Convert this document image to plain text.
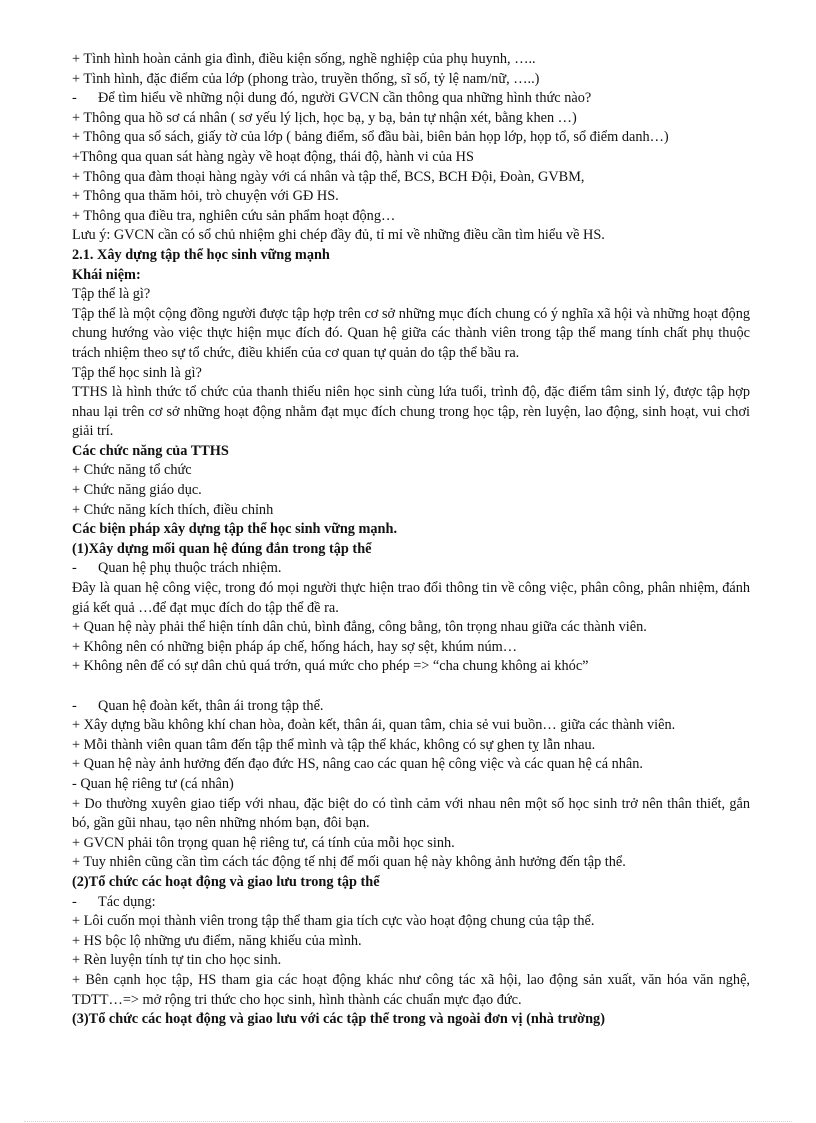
+ Tình hình hoàn cảnh gia đình, điều kiện sống, nghề nghiệp của phụ huynh, …..

+ Tình hình, đặc điểm của lớp (phong trào, truyền thống, sĩ số, tỷ lệ nam/nữ, …..)

- Để tìm hiểu về những nội dung đó, người GVCN cần thông qua những hình thức nào?

+ Thông qua hồ sơ cá nhân ( sơ yếu lý lịch, học bạ, y bạ, bản tự nhận xét, bằng khen …)

+ Thông qua sổ sách, giấy tờ của lớp ( bảng điểm, sổ đầu bài, biên bản họp lớp, họp tổ, sổ điểm danh…)

+Thông qua quan sát hàng ngày về hoạt động, thái độ, hành vi của HS

+ Thông qua đàm thoại hàng ngày với cá nhân và tập thể, BCS, BCH Đội, Đoàn, GVBM,

+ Thông qua thăm hỏi, trò chuyện với GĐ HS.

+ Thông qua điều tra, nghiên cứu sản phẩm hoạt động…

Lưu ý: GVCN cần có sổ chủ nhiệm ghi chép đầy đủ, tỉ mỉ về những điều cần tìm hiểu về HS.

2.1. Xây dựng tập thể học sinh vững mạnh

Khái niệm:

Tập thể là gì?

Tập thể là một cộng đồng người được tập hợp trên cơ sở những mục đích chung có ý nghĩa xã hội và những hoạt động chung hướng vào việc thực hiện mục đích đó. Quan hệ giữa các thành viên trong tập thể mang tính chất phụ thuộc trách nhiệm theo sự tổ chức, điều khiển của cơ quan tự quản do tập thể bầu ra.

Tập thể học sinh là gì?

TTHS là hình thức tổ chức của thanh thiếu niên học sinh cùng lứa tuổi, trình độ, đặc điểm tâm sinh lý, được tập hợp nhau lại trên cơ sở những hoạt động nhằm đạt mục đích chung trong học tập, rèn luyện, lao động, sinh hoạt, vui chơi giải trí.

Các chức năng của TTHS

+ Chức năng tổ chức

+ Chức năng giáo dục.

+ Chức năng kích thích, điều chỉnh

Các biện pháp xây dựng tập thể học sinh vững mạnh.

(1)Xây dựng mối quan hệ đúng đắn trong tập thể

- Quan hệ phụ thuộc trách nhiệm.

Đây là quan hệ công việc, trong đó mọi người thực hiện trao đổi thông tin về công việc, phân công, phân nhiệm, đánh giá kết quả …để đạt mục đích do tập thể đề ra.

+ Quan hệ này phải thể hiện tính dân chủ, bình đẳng, công bằng, tôn trọng nhau giữa các thành viên.

+ Không nên có những biện pháp áp chế, hống hách, hay sợ sệt, khúm núm…

+ Không nên để có sự dân chủ quá trớn, quá mức cho phép => “cha chung không ai khóc”

- Quan hệ đoàn kết, thân ái trong tập thể.

+ Xây dựng bầu không khí chan hòa, đoàn kết, thân ái, quan tâm, chia sẻ vui buồn… giữa các thành viên.

+ Mỗi thành viên quan tâm đến tập thể mình và tập thể khác, không có sự ghen tỵ lẫn nhau.

+ Quan hệ này ảnh hưởng đến đạo đức HS, nâng cao các quan hệ công việc và các quan hệ cá nhân.

- Quan hệ riêng tư (cá nhân)

+ Do thường xuyên giao tiếp với nhau, đặc biệt do có tình cảm với nhau nên một số học sinh trở nên thân thiết, gắn bó, gần gũi nhau, tạo nên những nhóm bạn, đôi bạn.

+ GVCN phải tôn trọng quan hệ riêng tư, cá tính của mỗi học sinh.

+ Tuy nhiên cũng cần tìm cách tác động tế nhị để mối quan hệ này không ảnh hưởng đến tập thể.

(2)Tổ chức các hoạt động và giao lưu trong tập thể

- Tác dụng:

+ Lôi cuốn mọi thành viên trong tập thể tham gia tích cực vào hoạt động chung của tập thể.

+ HS bộc lộ những ưu điểm, năng khiếu của mình.

+ Rèn luyện tính tự tin cho học sinh.

+ Bên cạnh học tập, HS tham gia các hoạt động khác như công tác xã hội, lao động sản xuất, văn hóa văn nghệ, TDTT…=> mở rộng tri thức cho học sinh, hình thành các chuẩn mực đạo đức.

(3)Tổ chức các hoạt động và giao lưu với các tập thể trong và ngoài đơn vị (nhà trường)
